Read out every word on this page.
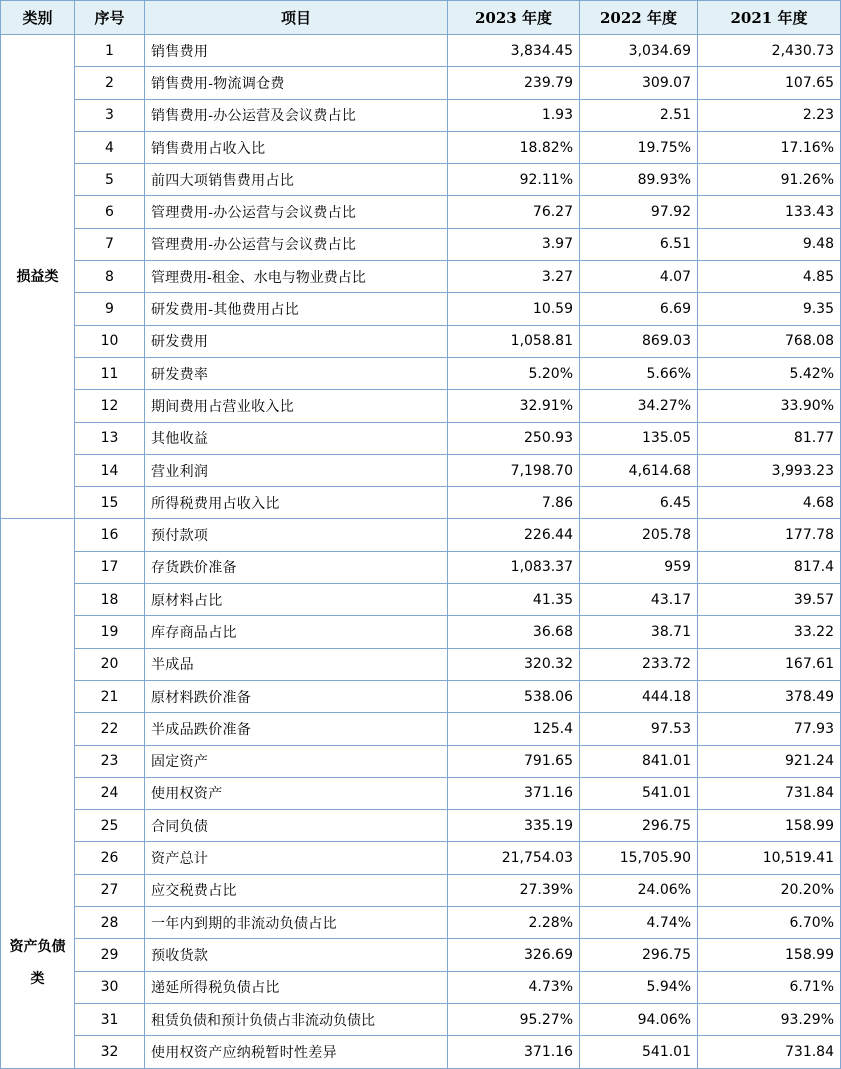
类别	序号	项目	2023 年度	2022 年度	2021 年度
损益类	1	销售费用	3,834.45	3,034.69	2,430.73
	2	销售费用-物流调仓费	239.79	309.07	107.65
	3	销售费用-办公运营及会议费占比	1.93	2.51	2.23
	4	销售费用占收入比	18.82%	19.75%	17.16%
	5	前四大项销售费用占比	92.11%	89.93%	91.26%
	6	管理费用-办公运营与会议费占比	76.27	97.92	133.43
	7	管理费用-办公运营与会议费占比	3.97	6.51	9.48
	8	管理费用-租金、水电与物业费占比	3.27	4.07	4.85
	9	研发费用-其他费用占比	10.59	6.69	9.35
	10	研发费用	1,058.81	869.03	768.08
	11	研发费率	5.20%	5.66%	5.42%
	12	期间费用占营业收入比	32.91%	34.27%	33.90%
	13	其他收益	250.93	135.05	81.77
	14	营业利润	7,198.70	4,614.68	3,993.23
	15	所得税费用占收入比	7.86	6.45	4.68
资产负债类	16	预付款项	226.44	205.78	177.78
	17	存货跌价准备	1,083.37	959	817.4
	18	原材料占比	41.35	43.17	39.57
	19	库存商品占比	36.68	38.71	33.22
	20	半成品	320.32	233.72	167.61
	21	原材料跌价准备	538.06	444.18	378.49
	22	半成品跌价准备	125.4	97.53	77.93
	23	固定资产	791.65	841.01	921.24
	24	使用权资产	371.16	541.01	731.84
	25	合同负债	335.19	296.75	158.99
	26	资产总计	21,754.03	15,705.90	10,519.41
	27	应交税费占比	27.39%	24.06%	20.20%
	28	一年内到期的非流动负债占比	2.28%	4.74%	6.70%
	29	预收货款	326.69	296.75	158.99
	30	递延所得税负债占比	4.73%	5.94%	6.71%
	31	租赁负债和预计负债占非流动负债比	95.27%	94.06%	93.29%
	32	使用权资产应纳税暂时性差异	371.16	541.01	731.84
